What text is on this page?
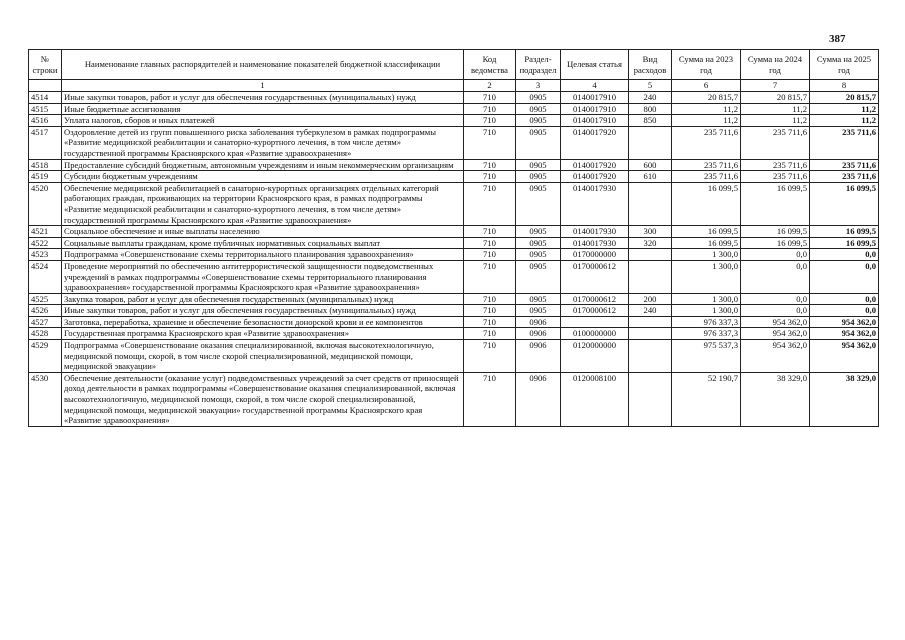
387
№ строки	Наименование главных распорядителей и наименование показателей бюджетной классификации	Код ведомства	Раздел-подраздел	Целевая статья	Вид расходов	Сумма на 2023 год	Сумма на 2024 год	Сумма на 2025 год
	1	2	3	4	5	6	7	8
4514	Иные закупки товаров, работ и услуг для обеспечения государственных (муниципальных) нужд	710	0905	0140017910	240	20 815,7	20 815,7	20 815,7
4515	Иные бюджетные ассигнования	710	0905	0140017910	800	11,2	11,2	11,2
4516	Уплата налогов, сборов и иных платежей	710	0905	0140017910	850	11,2	11,2	11,2
4517	Оздоровление детей из групп повышенного риска заболевания туберкулезом в рамках подпрограммы «Развитие медицинской реабилитации и санаторно-курортного лечения, в том числе детям» государственной программы Красноярского края «Развитие здравоохранения»	710	0905	0140017920		235 711,6	235 711,6	235 711,6
4518	Предоставление субсидий бюджетным, автономным учреждениям и иным некоммерческим организациям	710	0905	0140017920	600	235 711,6	235 711,6	235 711,6
4519	Субсидии бюджетным учреждениям	710	0905	0140017920	610	235 711,6	235 711,6	235 711,6
4520	Обеспечение медицинской реабилитацией в санаторно-курортных организациях отдельных категорий работающих граждан, проживающих на территории Красноярского края, в рамках подпрограммы «Развитие медицинской реабилитации и санаторно-курортного лечения, в том числе детям» государственной программы Красноярского края «Развитие здравоохранения»	710	0905	0140017930		16 099,5	16 099,5	16 099,5
4521	Социальное обеспечение и иные выплаты населению	710	0905	0140017930	300	16 099,5	16 099,5	16 099,5
4522	Социальные выплаты гражданам, кроме публичных нормативных социальных выплат	710	0905	0140017930	320	16 099,5	16 099,5	16 099,5
4523	Подпрограмма «Совершенствование схемы территориального планирования здравоохранения»	710	0905	0170000000		1 300,0	0,0	0,0
4524	Проведение мероприятий по обеспечению антитеррористической защищенности подведомственных учреждений в рамках подпрограммы «Совершенствование схемы территориального планирования здравоохранения» государственной программы Красноярского края «Развитие здравоохранения»	710	0905	0170000612		1 300,0	0,0	0,0
4525	Закупка товаров, работ и услуг для обеспечения государственных (муниципальных) нужд	710	0905	0170000612	200	1 300,0	0,0	0,0
4526	Иные закупки товаров, работ и услуг для обеспечения государственных (муниципальных) нужд	710	0905	0170000612	240	1 300,0	0,0	0,0
4527	Заготовка, переработка, хранение и обеспечение безопасности донорской крови и ее компонентов	710	0906			976 337,3	954 362,0	954 362,0
4528	Государственная программа Красноярского края «Развитие здравоохранения»	710	0906	0100000000		976 337,3	954 362,0	954 362,0
4529	Подпрограмма «Совершенствование оказания специализированной, включая высокотехнологичную, медицинской помощи, скорой, в том числе скорой специализированной, медицинской помощи, медицинской эвакуации»	710	0906	0120000000		975 537,3	954 362,0	954 362,0
4530	Обеспечение деятельности (оказание услуг) подведомственных учреждений за счет средств от приносящей доход деятельности в рамках подпрограммы «Совершенствование оказания специализированной, включая высокотехнологичную, медицинской помощи, скорой, в том числе скорой специализированной, медицинской помощи, медицинской эвакуации» государственной программы Красноярского края «Развитие здравоохранения»	710	0906	0120008100		52 190,7	38 329,0	38 329,0
